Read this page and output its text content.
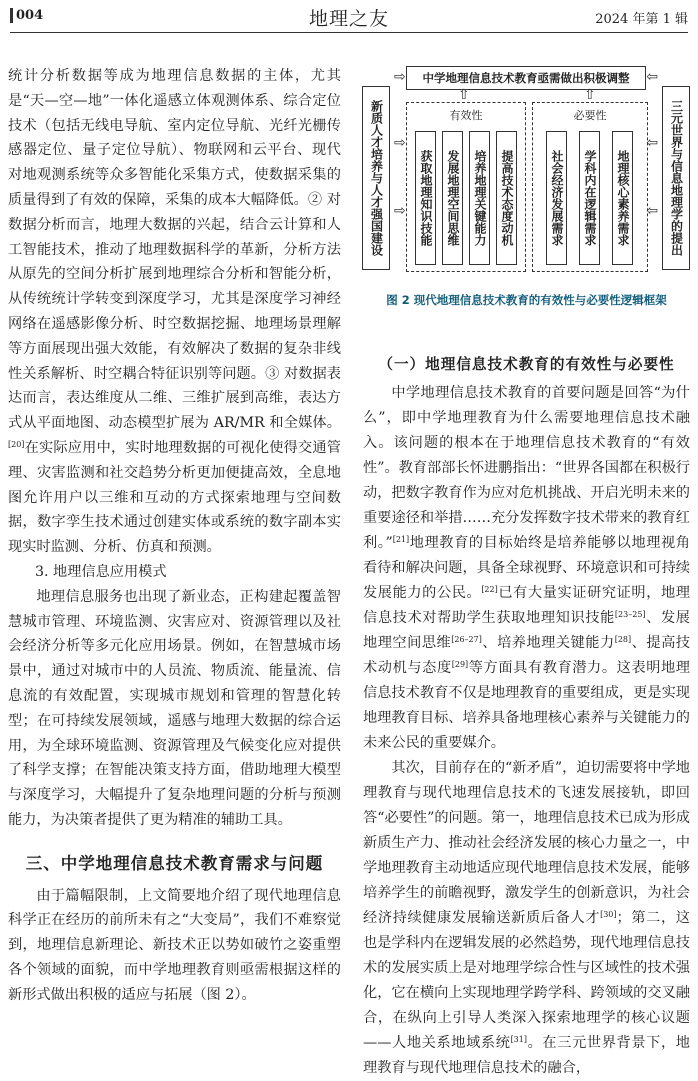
004	地理之友	2024 年第 1 辑

统计分析数据等成为地理信息数据的主体，尤其是“天—空—地”一体化遥感立体观测体系、综合定位技术（包括无线电导航、室内定位导航、光纤光栅传感器定位、量子定位导航）、物联网和云平台、现代对地观测系统等众多智能化采集方式，使数据采集的质量得到了有效的保障，采集的成本大幅降低。② 对数据分析而言，地理大数据的兴起，结合云计算和人工智能技术，推动了地理数据科学的革新，分析方法从原先的空间分析扩展到地理综合分析和智能分析，从传统统计学转变到深度学习，尤其是深度学习神经网络在遥感影像分析、时空数据挖掘、地理场景理解等方面展现出强大效能，有效解决了数据的复杂非线性关系解析、时空耦合特征识别等问题。③ 对数据表达而言，表达维度从二维、三维扩展到高维，表达方式从平面地图、动态模型扩展为 AR/MR 和全媒体。[20]在实际应用中，实时地理数据的可视化使得交通管理、灾害监测和社交趋势分析更加便捷高效，全息地图允许用户以三维和互动的方式探索地理与空间数据，数字孪生技术通过创建实体或系统的数字副本实现实时监测、分析、仿真和预测。

3. 地理信息应用模式

地理信息服务也出现了新业态，正构建起覆盖智慧城市管理、环境监测、灾害应对、资源管理以及社会经济分析等多元化应用场景。例如，在智慧城市场景中，通过对城市中的人员流、物质流、能量流、信息流的有效配置，实现城市规划和管理的智慧化转型；在可持续发展领域，遥感与地理大数据的综合运用，为全球环境监测、资源管理及气候变化应对提供了科学支撑；在智能决策支持方面，借助地理大模型与深度学习，大幅提升了复杂地理问题的分析与预测能力，为决策者提供了更为精准的辅助工具。

三、中学地理信息技术教育需求与问题

由于篇幅限制，上文简要地介绍了现代地理信息科学正在经历的前所未有之“大变局”，我们不难察觉到，地理信息新理论、新技术正以势如破竹之姿重塑各个领域的面貌，而中学地理教育则亟需根据这样的新形式做出积极的适应与拓展（图 2）。

新质人才培养与人才强国建设	三元世界与信息地理学的提出
中学地理信息技术教育亟需做出积极调整
⇨	⇦
⇨
⇨
⇦
⇦
⇧	⇧
有效性
获取地理知识技能	发展地理空间思维	培养地理关键能力	提高技术态度动机
必要性
社会经济发展需求	学科内在逻辑需求	地理核心素养需求
图 2 现代地理信息技术教育的有效性与必要性逻辑框架
（一）地理信息技术教育的有效性与必要性

中学地理信息技术教育的首要问题是回答“为什么”，即中学地理教育为什么需要地理信息技术融入。该问题的根本在于地理信息技术教育的“有效性”。教育部部长怀进鹏指出：“世界各国都在积极行动，把数字教育作为应对危机挑战、开启光明未来的重要途径和举措……充分发挥数字技术带来的教育红利。”[21]地理教育的目标始终是培养能够以地理视角看待和解决问题，具备全球视野、环境意识和可持续发展能力的公民。[22]已有大量实证研究证明，地理信息技术对帮助学生获取地理知识技能[23–25]、发展地理空间思维[26–27]、培养地理关键能力[28]、提高技术动机与态度[29]等方面具有教育潜力。这表明地理信息技术教育不仅是地理教育的重要组成，更是实现地理教育目标、培养具备地理核心素养与关键能力的未来公民的重要媒介。

其次，目前存在的“新矛盾”，迫切需要将中学地理教育与现代地理信息技术的飞速发展接轨，即回答“必要性”的问题。第一，地理信息技术已成为形成新质生产力、推动社会经济发展的核心力量之一，中学地理教育主动地适应现代地理信息技术发展，能够培养学生的前瞻视野，激发学生的创新意识，为社会经济持续健康发展输送新质后备人才[30]；第二，这也是学科内在逻辑发展的必然趋势，现代地理信息技术的发展实质上是对地理学综合性与区域性的技术强化，它在横向上实现地理学跨学科、跨领域的交叉融合，在纵向上引导人类深入探索地理学的核心议题——人地关系地域系统[31]。在三元世界背景下，地理教育与现代地理信息技术的融合，
